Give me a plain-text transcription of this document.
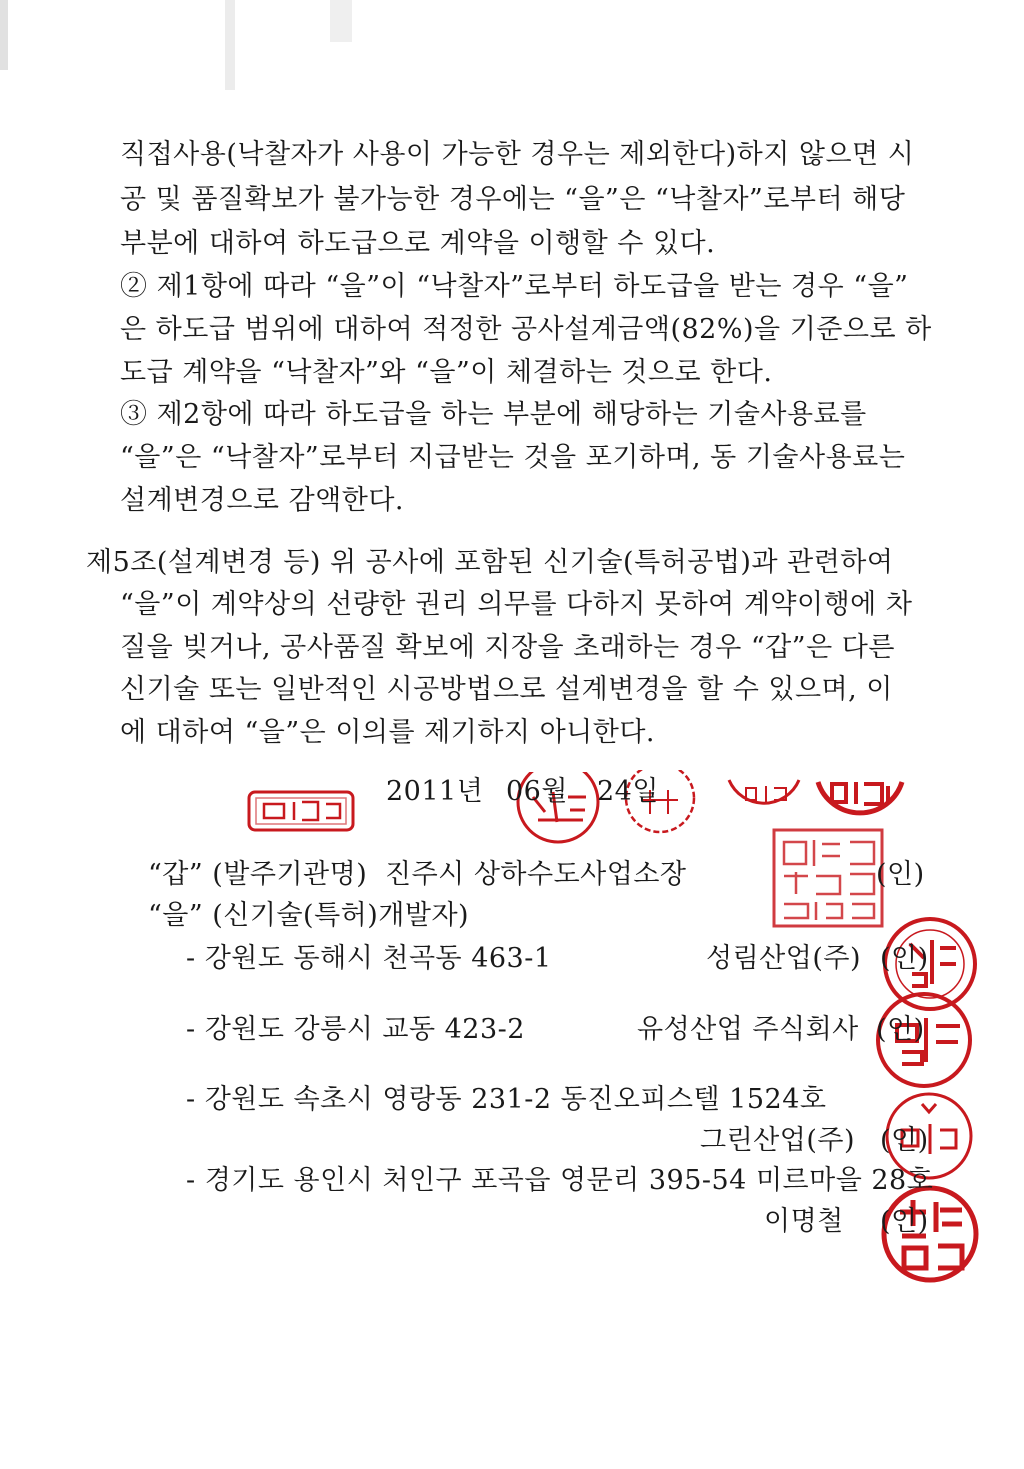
직접사용(낙찰자가 사용이 가능한 경우는 제외한다)하지 않으면 시
공 및 품질확보가 불가능한 경우에는 “을”은 “낙찰자”로부터 해당
부분에 대하여 하도급으로 계약을 이행할 수 있다.
② 제1항에 따라 “을”이 “낙찰자”로부터 하도급을 받는 경우 “을”
은 하도급 범위에 대하여 적정한 공사설계금액(82%)을 기준으로 하
도급 계약을 “낙찰자”와 “을”이 체결하는 것으로 한다.
③ 제2항에 따라 하도급을 하는 부분에 해당하는 기술사용료를
“을”은 “낙찰자”로부터 지급받는 것을 포기하며, 동 기술사용료는
설계변경으로 감액한다.
제5조(설계변경 등) 위 공사에 포함된 신기술(특허공법)과 관련하여
“을”이 계약상의 선량한 권리 의무를 다하지 못하여 계약이행에 차
질을 빚거나, 공사품질 확보에 지장을 초래하는 경우 “갑”은 다른
신기술 또는 일반적인 시공방법으로 설계변경을 할 수 있으며, 이
에 대하여 “을”은 이의를 제기하지 아니한다.
2011년 06월 24일
“갑” (발주기관명) 진주시 상하수도사업소장	(인)
“을” (신기술(특허)개발자)
- 강원도 동해시 천곡동 463-1	성림산업(주) (인)
- 강원도 강릉시 교동 423-2	유성산업 주식회사 (인)
- 강원도 속초시 영랑동 231-2 동진오피스텔 1524호
그린산업(주) (인)
- 경기도 용인시 처인구 포곡읍 영문리 395-54 미르마을 28호
이명철 (인)
